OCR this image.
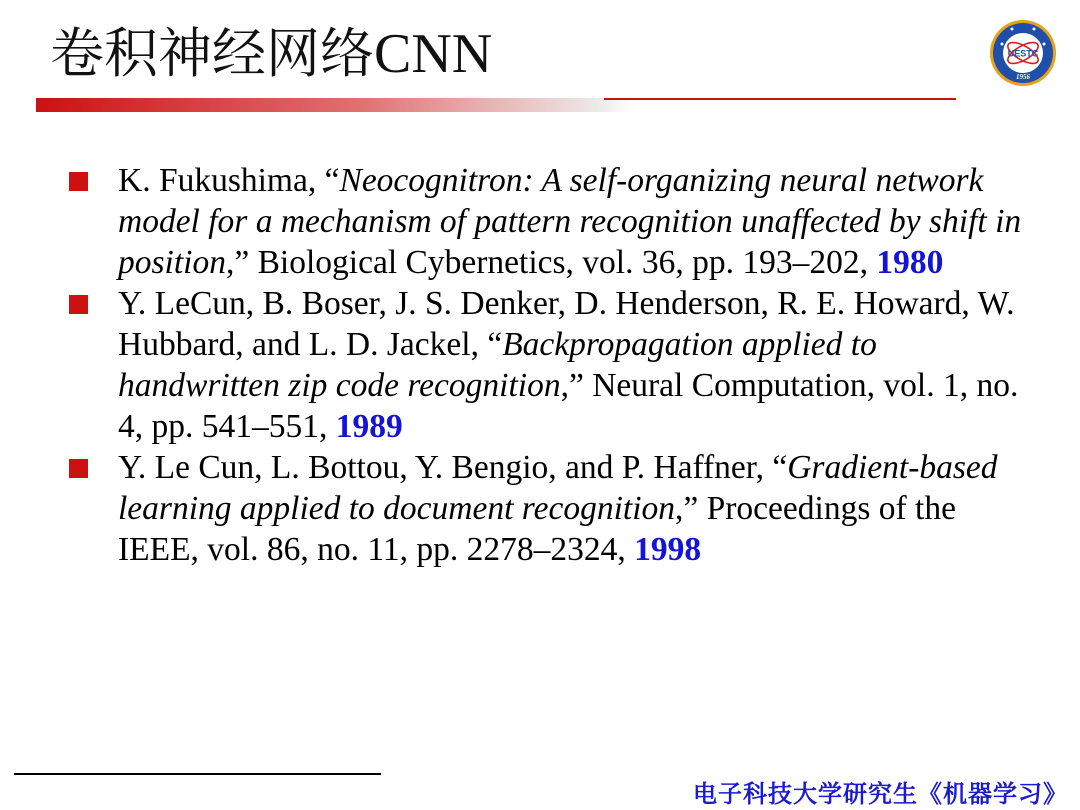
卷积神经网络CNN	UESTC
1956

K. Fukushima, “Neocognitron: A self-organizing neural network model for a mechanism of pattern recognition unaffected by shift in position,” Biological Cybernetics, vol. 36, pp. 193–202, 1980

Y. LeCun, B. Boser, J. S. Denker, D. Henderson, R. E. Howard, W. Hubbard, and L. D. Jackel, “Backpropagation applied to handwritten zip code recognition,” Neural Computation, vol. 1, no. 4, pp. 541–551, 1989

Y. Le Cun, L. Bottou, Y. Bengio, and P. Haffner, “Gradient-based learning applied to document recognition,” Proceedings of the IEEE, vol. 86, no. 11, pp. 2278–2324, 1998

电子科技大学研究生《机器学习》
